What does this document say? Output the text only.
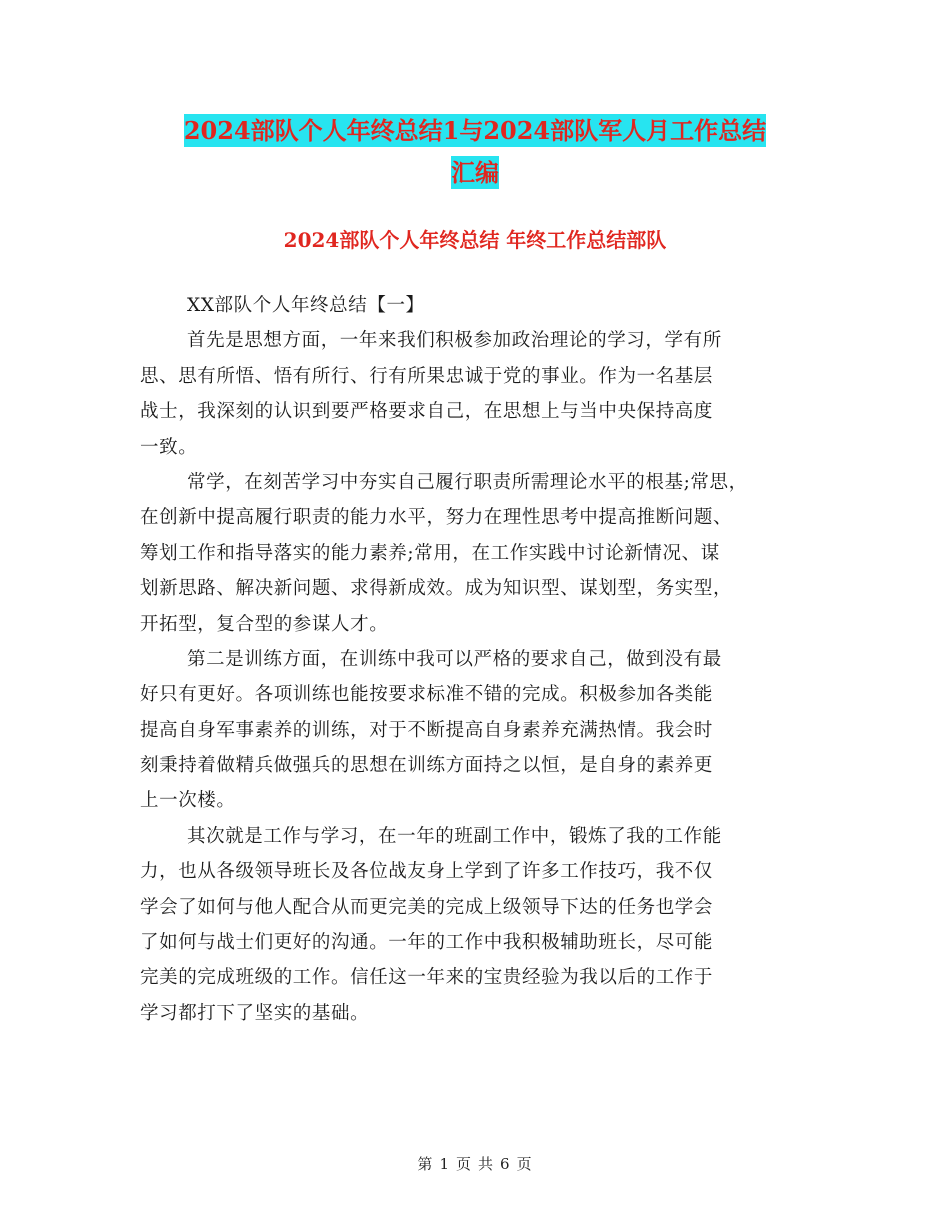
2024部队个人年终总结1与2024部队军人月工作总结
汇编
2024部队个人年终总结 年终工作总结部队
XX部队个人年终总结【一】
首先是思想方面，一年来我们积极参加政治理论的学习，学有所
思、思有所悟、悟有所行、行有所果忠诚于党的事业。作为一名基层
战士，我深刻的认识到要严格要求自己，在思想上与当中央保持高度
一致。
常学，在刻苦学习中夯实自己履行职责所需理论水平的根基;常思，
在创新中提高履行职责的能力水平，努力在理性思考中提高推断问题、
筹划工作和指导落实的能力素养;常用，在工作实践中讨论新情况、谋
划新思路、解决新问题、求得新成效。成为知识型、谋划型，务实型，
开拓型，复合型的参谋人才。
第二是训练方面，在训练中我可以严格的要求自己，做到没有最
好只有更好。各项训练也能按要求标准不错的完成。积极参加各类能
提高自身军事素养的训练，对于不断提高自身素养充满热情。我会时
刻秉持着做精兵做强兵的思想在训练方面持之以恒，是自身的素养更
上一次楼。
其次就是工作与学习，在一年的班副工作中，锻炼了我的工作能
力，也从各级领导班长及各位战友身上学到了许多工作技巧，我不仅
学会了如何与他人配合从而更完美的完成上级领导下达的任务也学会
了如何与战士们更好的沟通。一年的工作中我积极辅助班长，尽可能
完美的完成班级的工作。信任这一年来的宝贵经验为我以后的工作于
学习都打下了坚实的基础。
第 1 页 共 6 页
